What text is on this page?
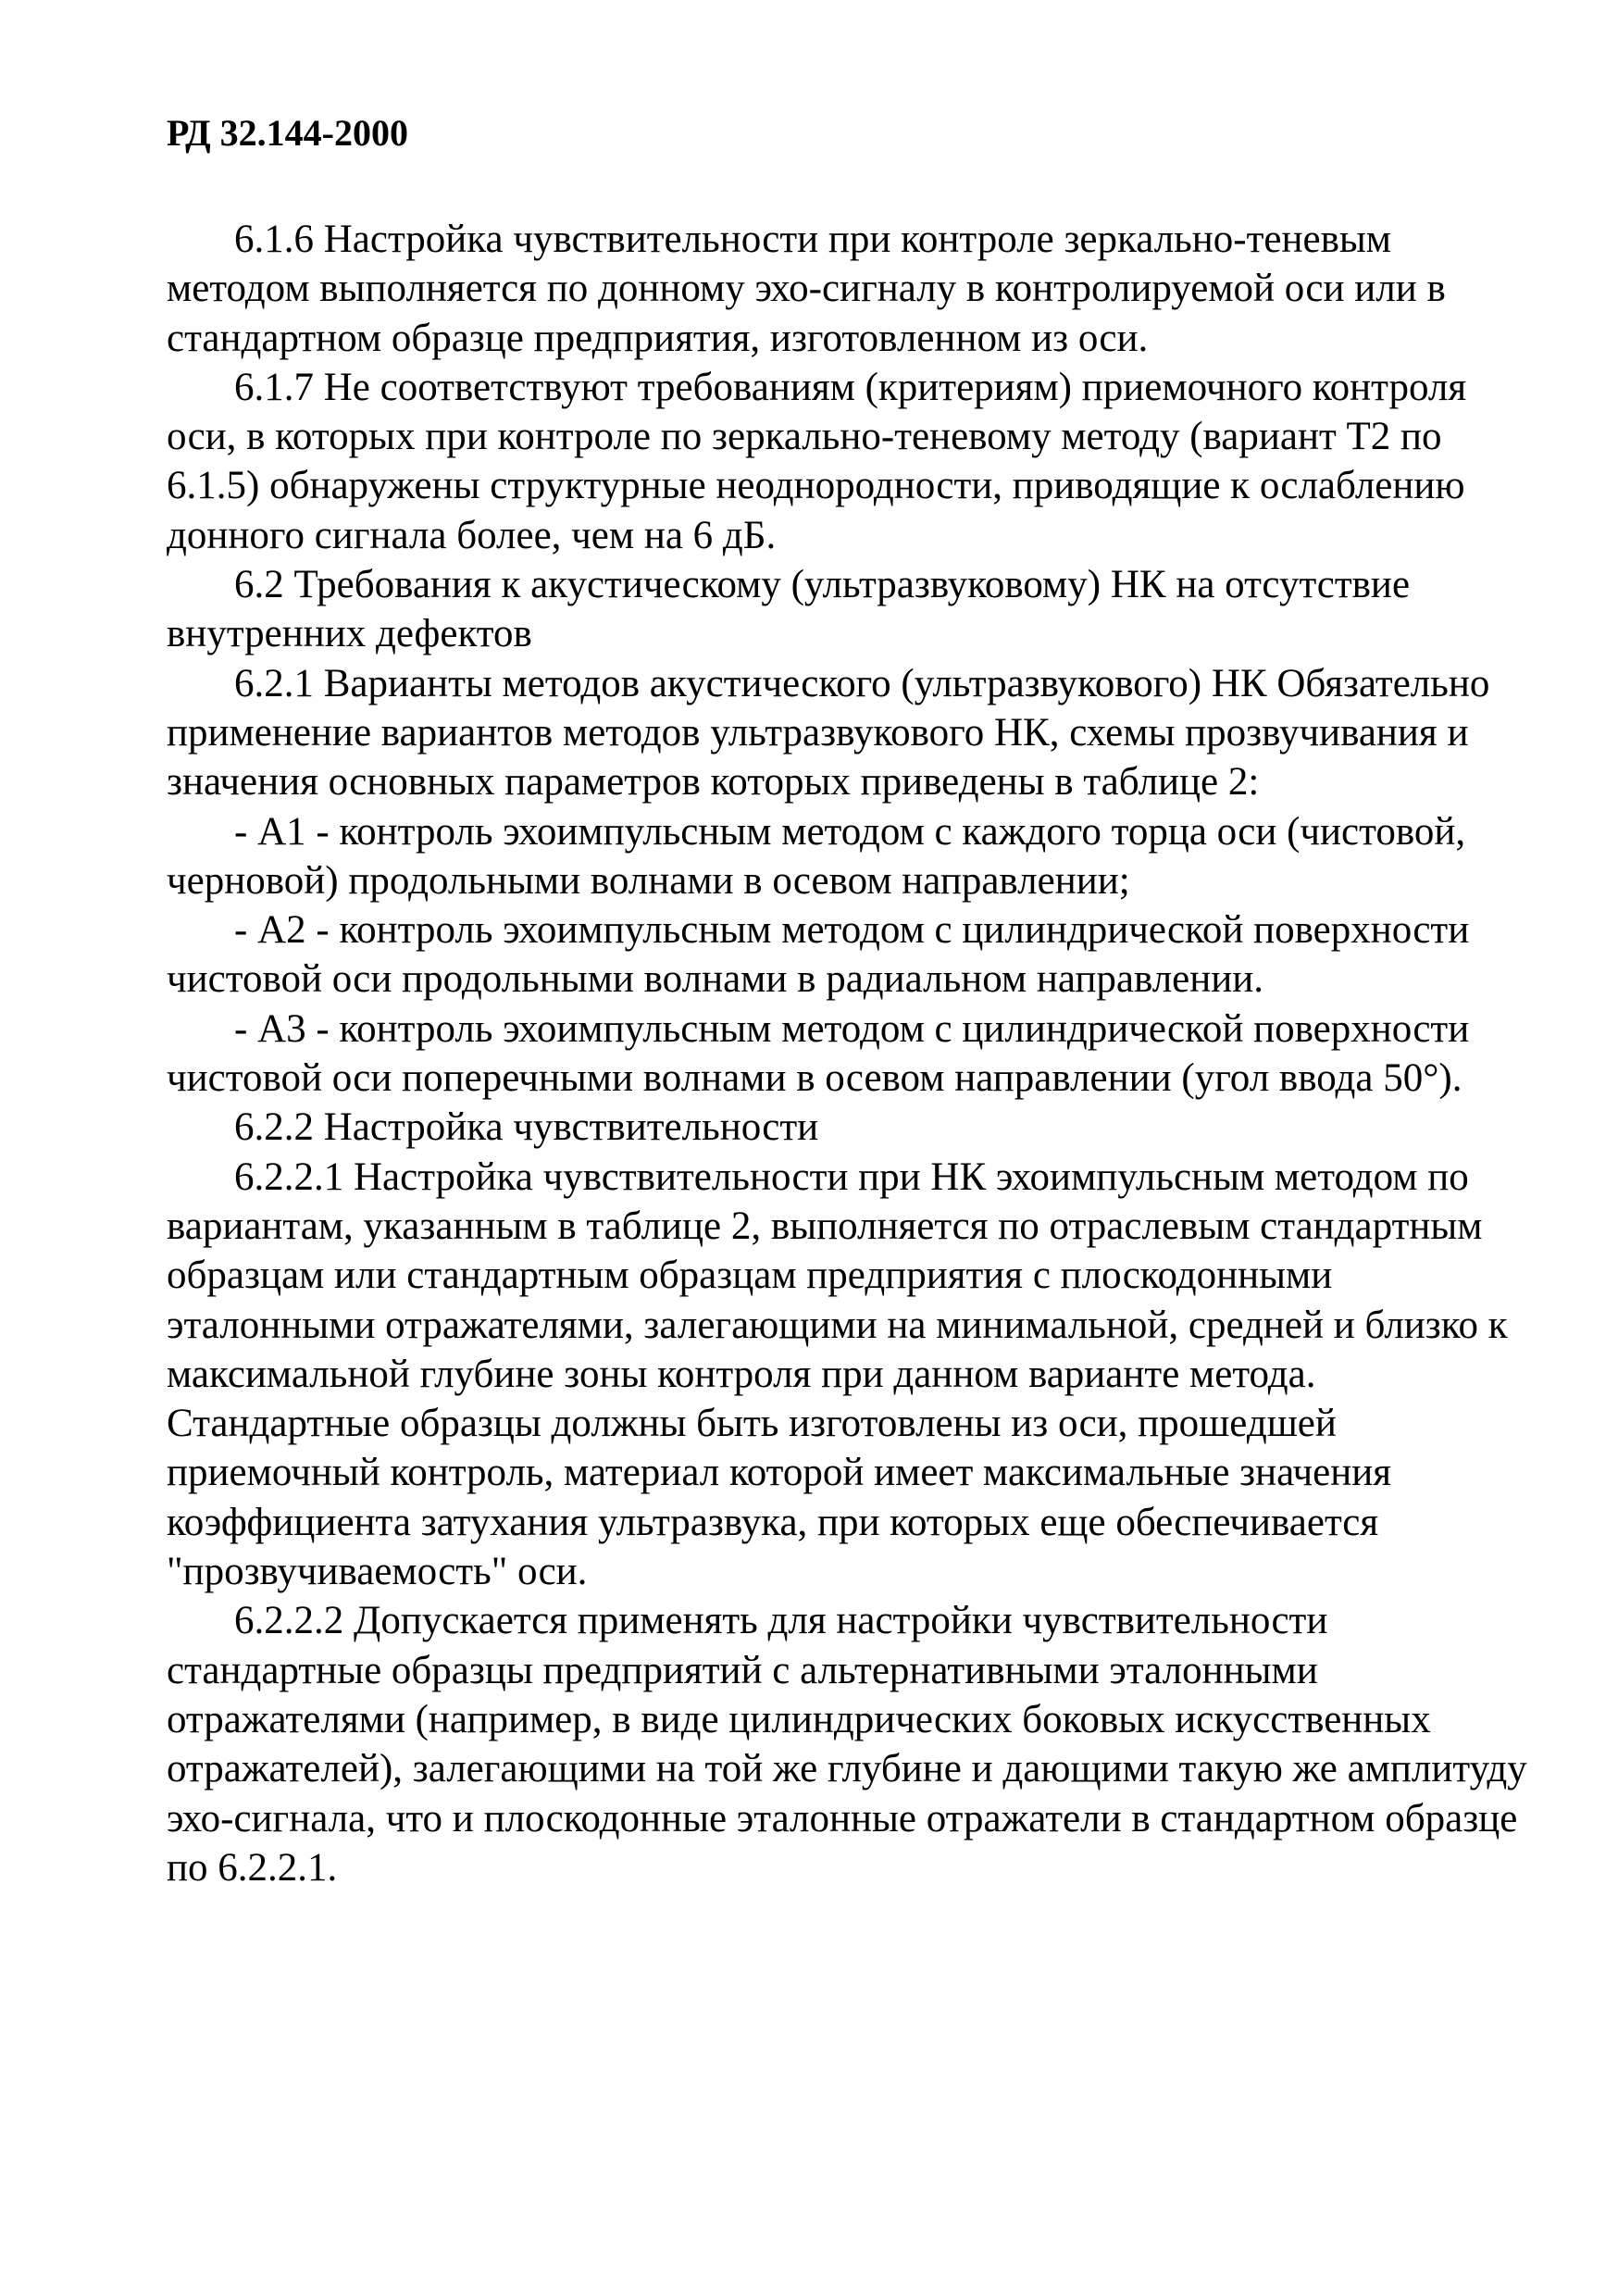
РД 32.144-2000

6.1.6 Настройка чувствительности при контроле зеркально-теневым методом выполняется по донному эхо-сигналу в контролируемой оси или в стандартном образце предприятия, изготовленном из оси.

6.1.7 Не соответствуют требованиям (критериям) приемочного контроля оси, в которых при контроле по зеркально-теневому методу (вариант Т2 по 6.1.5) обнаружены структурные неоднородности, приводящие к ослаблению донного сигнала более, чем на 6 дБ.

6.2 Требования к акустическому (ультразвуковому) НК на отсутствие внутренних дефектов

6.2.1 Варианты методов акустического (ультразвукового) НК Обязательно применение вариантов методов ультразвукового НК, схемы прозвучивания и значения основных параметров которых приведены в таблице 2:

- А1 - контроль эхоимпульсным методом с каждого торца оси (чистовой, черновой) продольными волнами в осевом направлении;

- А2 - контроль эхоимпульсным методом с цилиндрической поверхности чистовой оси продольными волнами в радиальном направлении.

- А3 - контроль эхоимпульсным методом с цилиндрической поверхности чистовой оси поперечными волнами в осевом направлении (угол ввода 50°).

6.2.2 Настройка чувствительности

6.2.2.1 Настройка чувствительности при НК эхоимпульсным методом по вариантам, указанным в таблице 2, выполняется по отраслевым стандартным образцам или стандартным образцам предприятия с плоскодонными эталонными отражателями, залегающими на минимальной, средней и близко к максимальной глубине зоны контроля при данном варианте метода. Стандартные образцы должны быть изготовлены из оси, прошедшей приемочный контроль, материал которой имеет максимальные значения коэффициента затухания ультразвука, при которых еще обеспечивается "прозвучиваемость" оси.

6.2.2.2 Допускается применять для настройки чувствительности стандартные образцы предприятий с альтернативными эталонными отражателями (например, в виде цилиндрических боковых искусственных отражателей), залегающими на той же глубине и дающими такую же амплитуду эхо-сигнала, что и плоскодонные эталонные отражатели в стандартном образце по 6.2.2.1.
